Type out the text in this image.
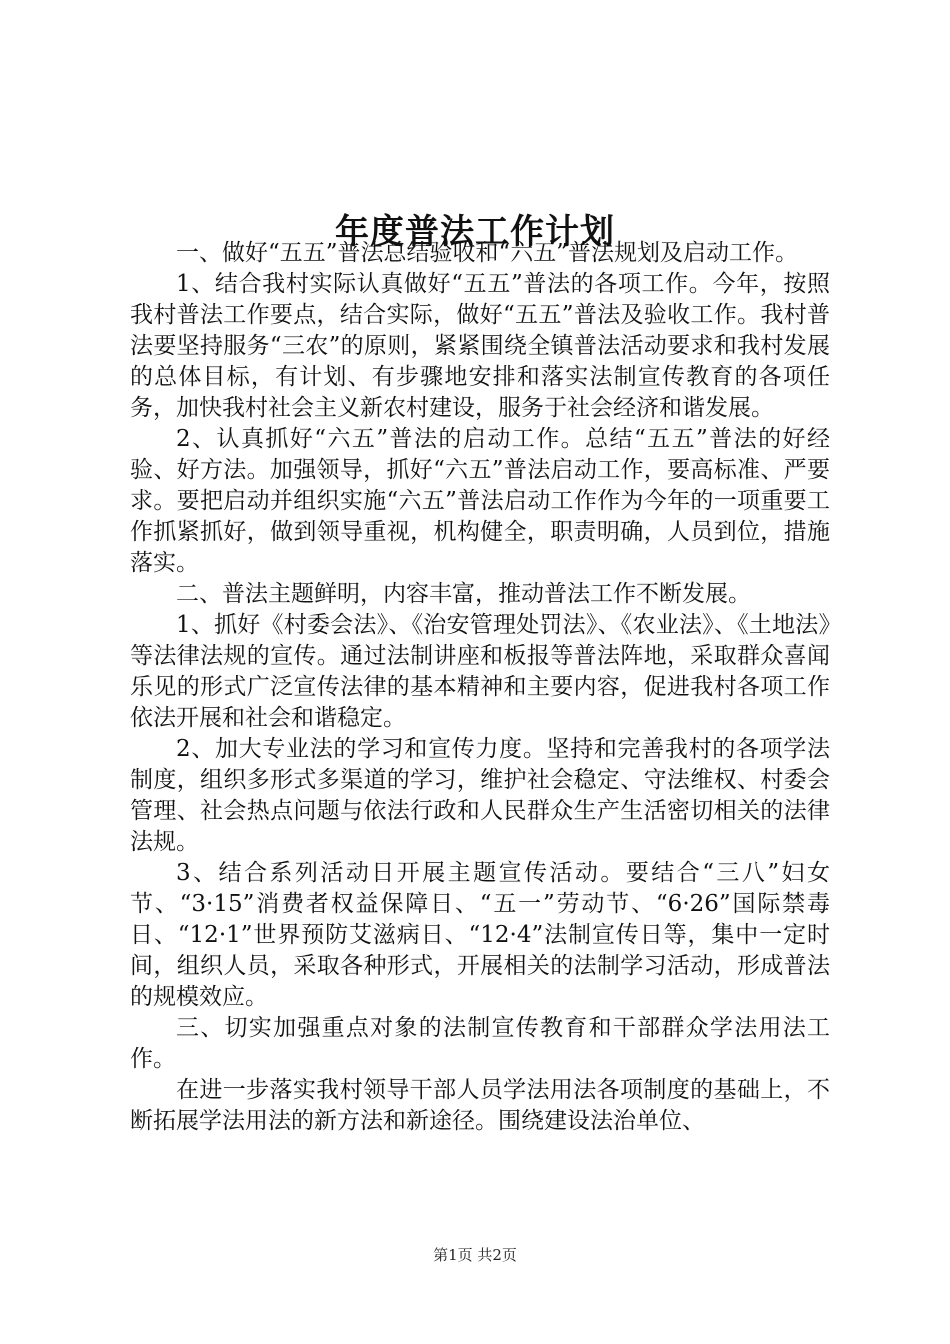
年度普法工作计划

一、做好“五五”普法总结验收和“六五”普法规划及启动工作。

1、结合我村实际认真做好“五五”普法的各项工作。今年，按照我村普法工作要点，结合实际，做好“五五”普法及验收工作。我村普法要坚持服务“三农”的原则，紧紧围绕全镇普法活动要求和我村发展的总体目标，有计划、有步骤地安排和落实法制宣传教育的各项任务，加快我村社会主义新农村建设，服务于社会经济和谐发展。

2、认真抓好“六五”普法的启动工作。总结“五五”普法的好经验、好方法。加强领导，抓好“六五”普法启动工作，要高标准、严要求。要把启动并组织实施“六五”普法启动工作作为今年的一项重要工作抓紧抓好，做到领导重视，机构健全，职责明确，人员到位，措施落实。

二、普法主题鲜明，内容丰富，推动普法工作不断发展。

1、抓好《村委会法》、《治安管理处罚法》、《农业法》、《土地法》等法律法规的宣传。通过法制讲座和板报等普法阵地，采取群众喜闻乐见的形式广泛宣传法律的基本精神和主要内容，促进我村各项工作依法开展和社会和谐稳定。

2、加大专业法的学习和宣传力度。坚持和完善我村的各项学法制度，组织多形式多渠道的学习，维护社会稳定、守法维权、村委会管理、社会热点问题与依法行政和人民群众生产生活密切相关的法律法规。

3、结合系列活动日开展主题宣传活动。要结合“三八”妇女节、“3·15”消费者权益保障日、“五一”劳动节、“6·26”国际禁毒日、“12·1”世界预防艾滋病日、“12·4”法制宣传日等，集中一定时间，组织人员，采取各种形式，开展相关的法制学习活动，形成普法的规模效应。

三、切实加强重点对象的法制宣传教育和干部群众学法用法工作。

在进一步落实我村领导干部人员学法用法各项制度的基础上，不断拓展学法用法的新方法和新途径。围绕建设法治单位、

第1页 共2页
